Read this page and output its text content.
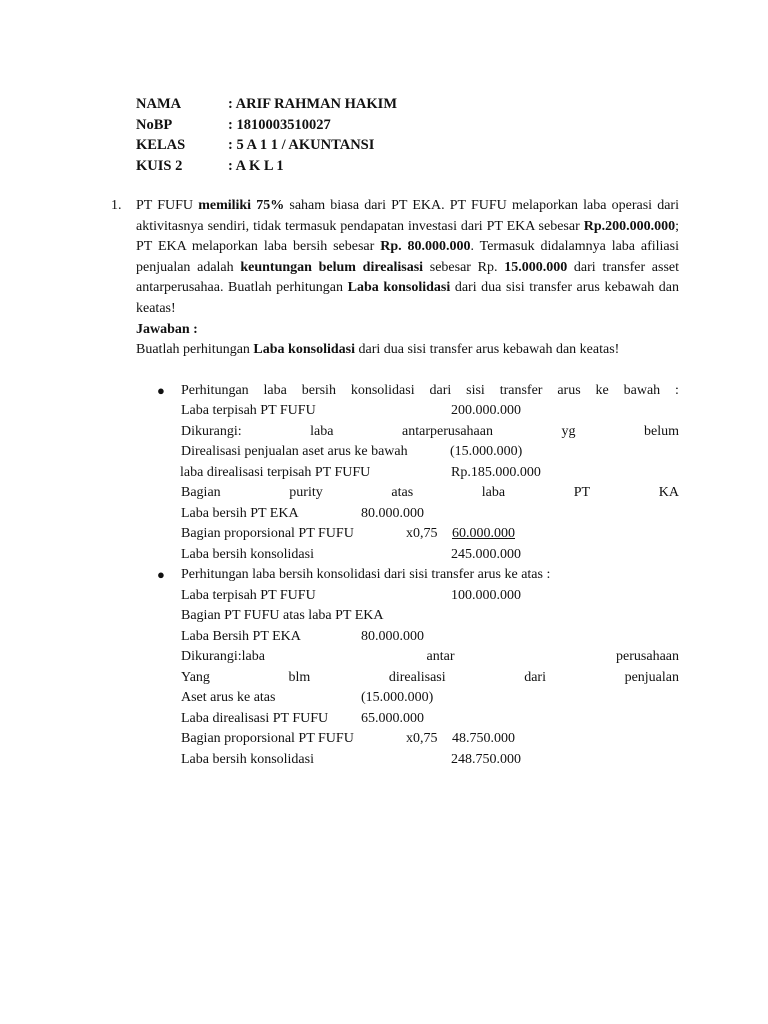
NAMA	: ARIF RAHMAN HAKIM
NoBP	: 1810003510027
KELAS	: 5 A 1 1 / AKUNTANSI
KUIS 2	: A K L 1
1. PT FUFU memiliki 75% saham biasa dari PT EKA. PT FUFU melaporkan laba operasi dari aktivitasnya sendiri, tidak termasuk pendapatan investasi dari PT EKA sebesar Rp.200.000.000; PT EKA melaporkan laba bersih sebesar Rp. 80.000.000. Termasuk didalamnya laba afiliasi penjualan adalah keuntungan belum direalisasi sebesar Rp. 15.000.000 dari transfer asset antarperusahaa. Buatlah perhitungan Laba konsolidasi dari dua sisi transfer arus kebawah dan keatas!

Jawaban :
Buatlah perhitungan Laba konsolidasi dari dua sisi transfer arus kebawah dan keatas!
● Perhitungan laba bersih konsolidasi dari sisi transfer arus ke bawah :
Laba terpisah PT FUFU	200.000.000
Dikurangi:	laba	antarperusahaan	yg	belum
Direalisasi penjualan aset arus ke bawah	(15.000.000)
laba direalisasi terpisah PT FUFU	Rp.185.000.000
Bagian	purity	atas	laba	PT	KA
Laba bersih PT EKA	80.000.000
Bagian proporsional PT FUFU	x0,75 60.000.000
Laba bersih konsolidasi	245.000.000
● Perhitungan laba bersih konsolidasi dari sisi transfer arus ke atas :
Laba terpisah PT FUFU	100.000.000
Bagian PT FUFU atas laba PT EKA
Laba Bersih PT EKA	80.000.000
Dikurangi:laba	antar	perusahaan
Yang	blm	direalisasi	dari	penjualan
Aset arus ke atas	(15.000.000)
Laba direalisasi PT FUFU 65.000.000
Bagian proporsional PT FUFU	x0,75 48.750.000
Laba bersih konsolidasi	248.750.000
